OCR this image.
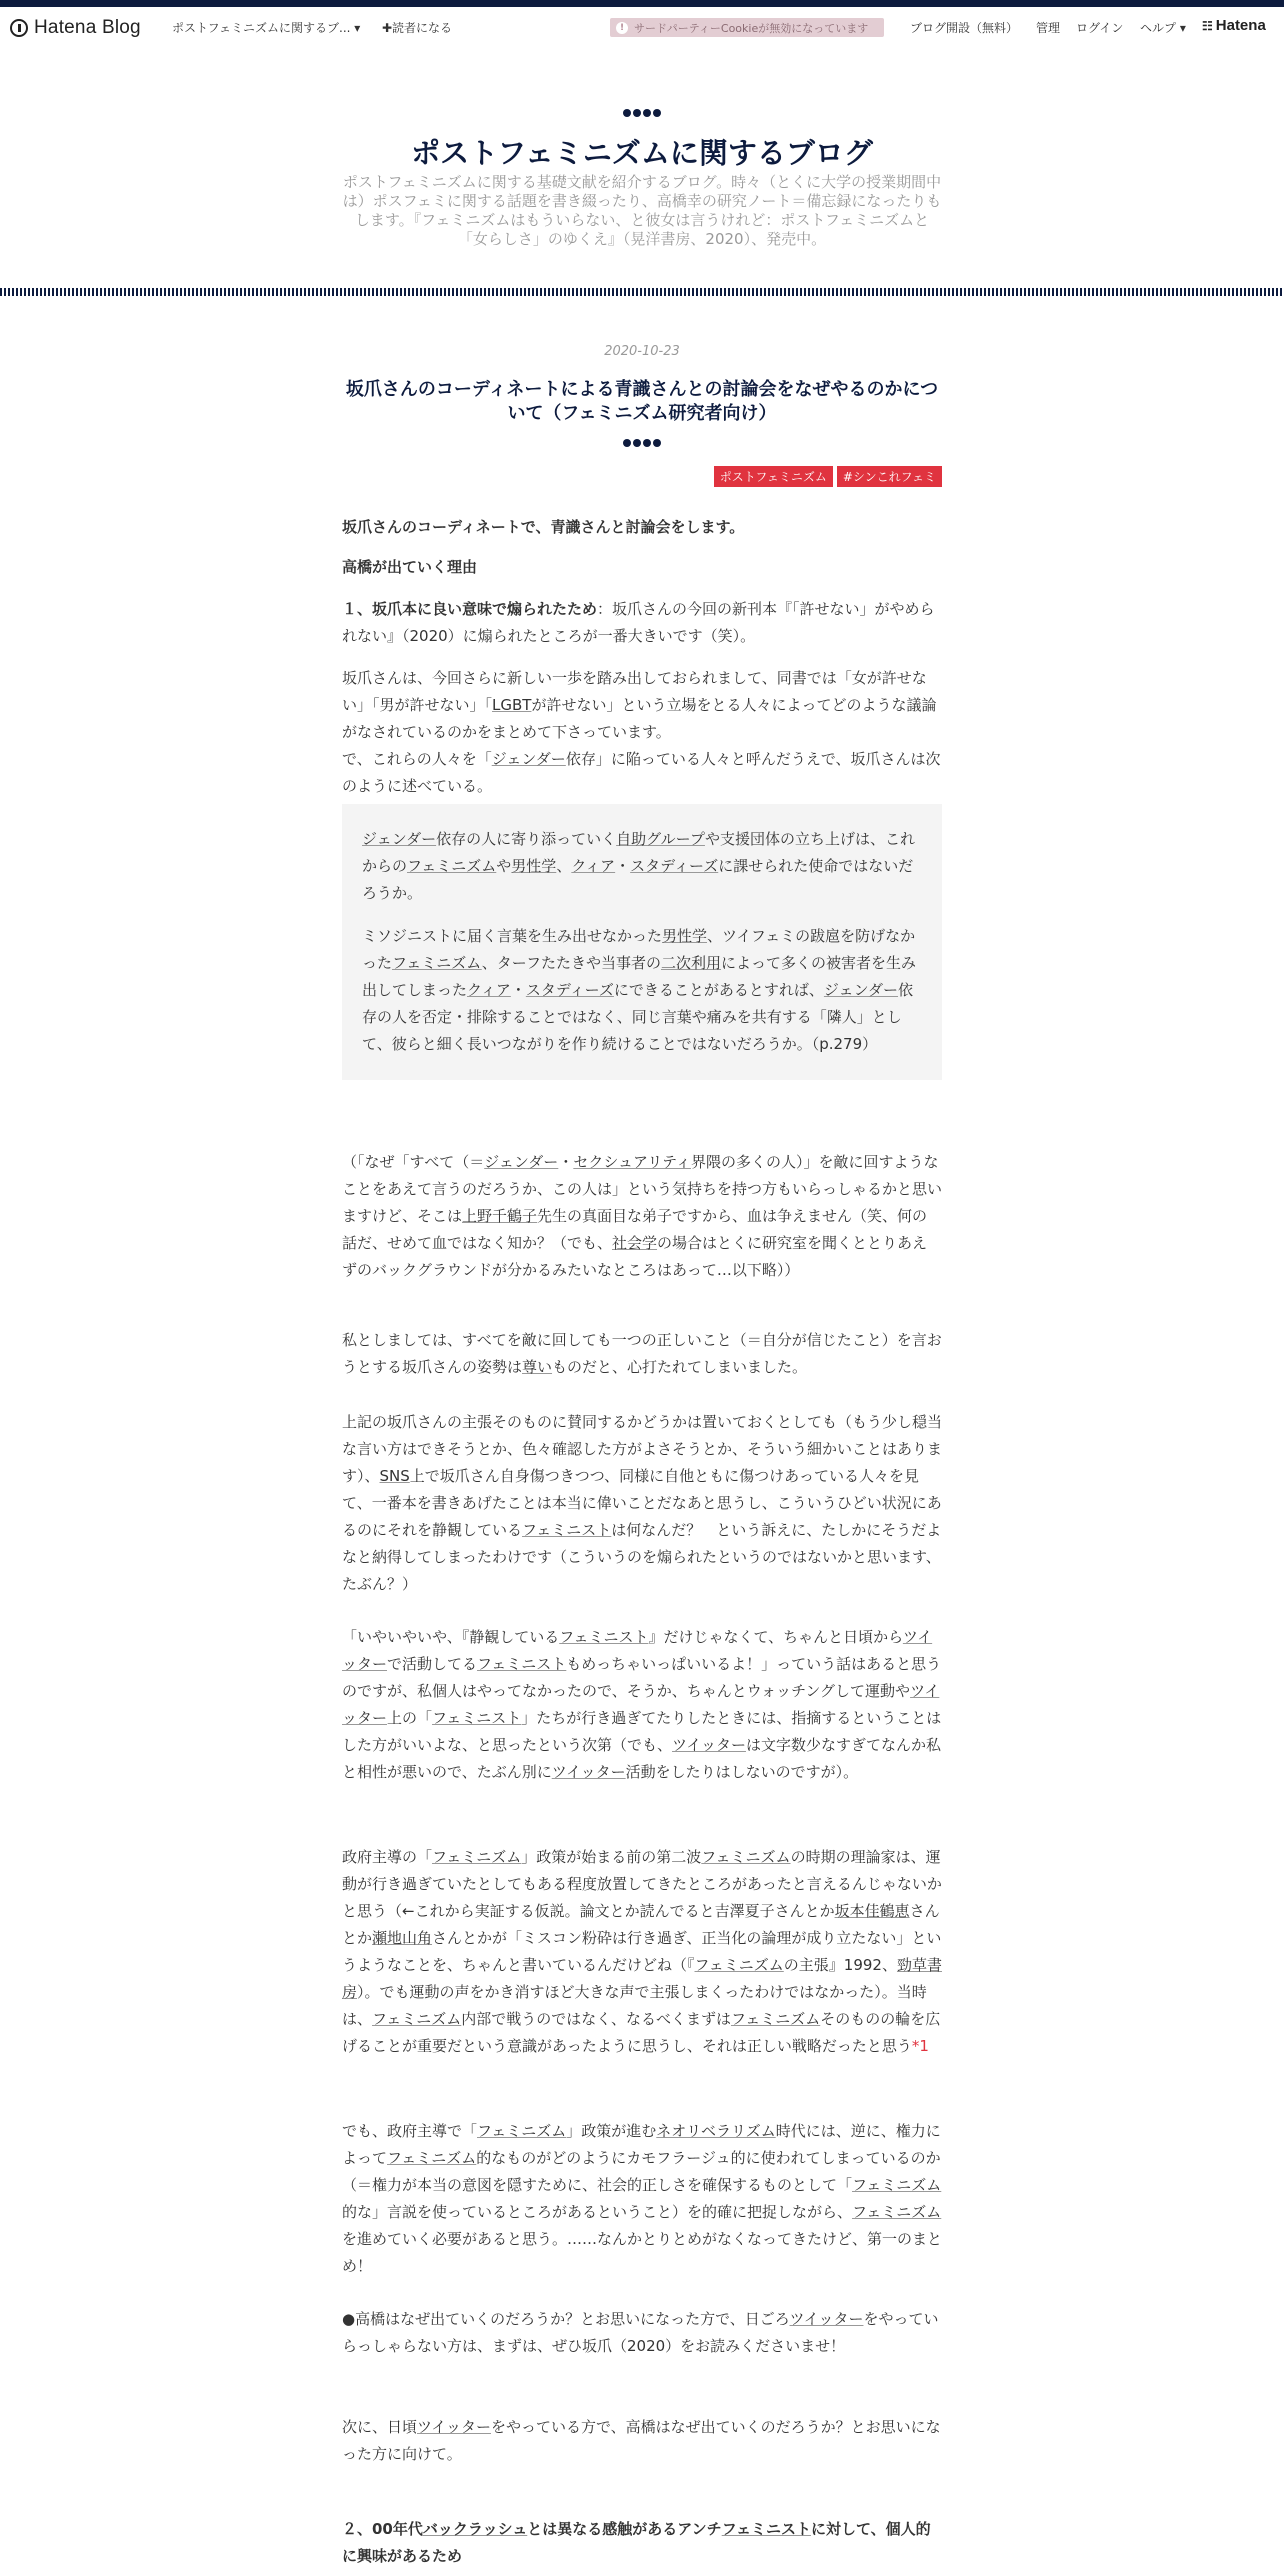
Hatena Blog	ポストフェミニズムに関するブ... ▾ ✚読者になる	! サードパーティーCookieが無効になっています	ブログ開設（無料） 管理 ログイン ヘルプ ▾ ☷ Hatena
ポストフェミニズムに関するブログ
ポストフェミニズムに関する基礎文献を紹介するブログ。時々（とくに大学の授業期間中は）ポスフェミに関する話題を書き綴ったり、高橋幸の研究ノート＝備忘録になったりもします。『フェミニズムはもういらない、と彼女は言うけれど：ポストフェミニズムと「女らしさ」のゆくえ』（晃洋書房、2020）、発売中。
2020-10-23
坂爪さんのコーディネートによる青識さんとの討論会をなぜやるのかについて（フェミニズム研究者向け）
ポストフェミニズム	#シンこれフェミ

坂爪さんのコーディネートで、青識さんと討論会をします。

高橋が出ていく理由

１、坂爪本に良い意味で煽られたため：坂爪さんの今回の新刊本『「許せない」がやめられない』（2020）に煽られたところが一番大きいです（笑）。

坂爪さんは、今回さらに新しい一歩を踏み出しておられまして、同書では「女が許せない」「男が許せない」「LGBTが許せない」という立場をとる人々によってどのような議論がなされているのかをまとめて下さっています。
で、これらの人々を「ジェンダー依存」に陥っている人々と呼んだうえで、坂爪さんは次のように述べている。

ジェンダー依存の人に寄り添っていく自助グループや支援団体の立ち上げは、これからのフェミニズムや男性学、クィア・スタディーズに課せられた使命ではないだろうか。

ミソジニストに届く言葉を生み出せなかった男性学、ツイフェミの跋扈を防げなかったフェミニズム、ターフたたきや当事者の二次利用によって多くの被害者を生み出してしまったクィア・スタディーズにできることがあるとすれば、ジェンダー依存の人を否定・排除することではなく、同じ言葉や痛みを共有する「隣人」として、彼らと細く長いつながりを作り続けることではないだろうか。（p.279）

（「なぜ「すべて（＝ジェンダー・セクシュアリティ界隈の多くの人）」を敵に回すようなことをあえて言うのだろうか、この人は」という気持ちを持つ方もいらっしゃるかと思いますけど、そこは上野千鶴子先生の真面目な弟子ですから、血は争えません（笑、何の話だ、せめて血ではなく知か？（でも、社会学の場合はとくに研究室を聞くととりあえずのバックグラウンドが分かるみたいなところはあって…以下略））

私としましては、すべてを敵に回しても一つの正しいこと（＝自分が信じたこと）を言おうとする坂爪さんの姿勢は尊いものだと、心打たれてしまいました。

上記の坂爪さんの主張そのものに賛同するかどうかは置いておくとしても（もう少し穏当な言い方はできそうとか、色々確認した方がよさそうとか、そういう細かいことはあります）、SNS上で坂爪さん自身傷つきつつ、同様に自他ともに傷つけあっている人々を見て、一番本を書きあげたことは本当に偉いことだなあと思うし、こういうひどい状況にあるのにそれを静観しているフェミニストは何なんだ？　という訴えに、たしかにそうだよなと納得してしまったわけです（こういうのを煽られたというのではないかと思います、たぶん？）

「いやいやいや、『静観しているフェミニスト』だけじゃなくて、ちゃんと日頃からツイッターで活動してるフェミニストもめっちゃいっぱいいるよ！」っていう話はあると思うのですが、私個人はやってなかったので、そうか、ちゃんとウォッチングして運動やツイッター上の「フェミニスト」たちが行き過ぎてたりしたときには、指摘するということはした方がいいよな、と思ったという次第（でも、ツイッターは文字数少なすぎてなんか私と相性が悪いので、たぶん別にツイッター活動をしたりはしないのですが）。

政府主導の「フェミニズム」政策が始まる前の第二波フェミニズムの時期の理論家は、運動が行き過ぎていたとしてもある程度放置してきたところがあったと言えるんじゃないかと思う（←これから実証する仮説。論文とか読んでると吉澤夏子さんとか坂本佳鶴恵さんとか瀬地山角さんとかが「ミスコン粉砕は行き過ぎ、正当化の論理が成り立たない」というようなことを、ちゃんと書いているんだけどね（『フェミニズムの主張』1992、勁草書房）。でも運動の声をかき消すほど大きな声で主張しまくったわけではなかった）。当時は、フェミニズム内部で戦うのではなく、なるべくまずはフェミニズムそのものの輪を広げることが重要だという意識があったように思うし、それは正しい戦略だったと思う*1

でも、政府主導で「フェミニズム」政策が進むネオリベラリズム時代には、逆に、権力によってフェミニズム的なものがどのようにカモフラージュ的に使われてしまっているのか（＝権力が本当の意図を隠すために、社会的正しさを確保するものとして「フェミニズム的な」言説を使っているところがあるということ）を的確に把捉しながら、フェミニズムを進めていく必要があると思う。……なんかとりとめがなくなってきたけど、第一のまとめ！

●高橋はなぜ出ていくのだろうか？とお思いになった方で、日ごろツイッターをやっていらっしゃらない方は、まずは、ぜひ坂爪（2020）をお読みくださいませ！

次に、日頃ツイッターをやっている方で、高橋はなぜ出ていくのだろうか？とお思いになった方に向けて。

２、00年代バックラッシュとは異なる感触があるアンチフェミニストに対して、個人的に興味があるため
